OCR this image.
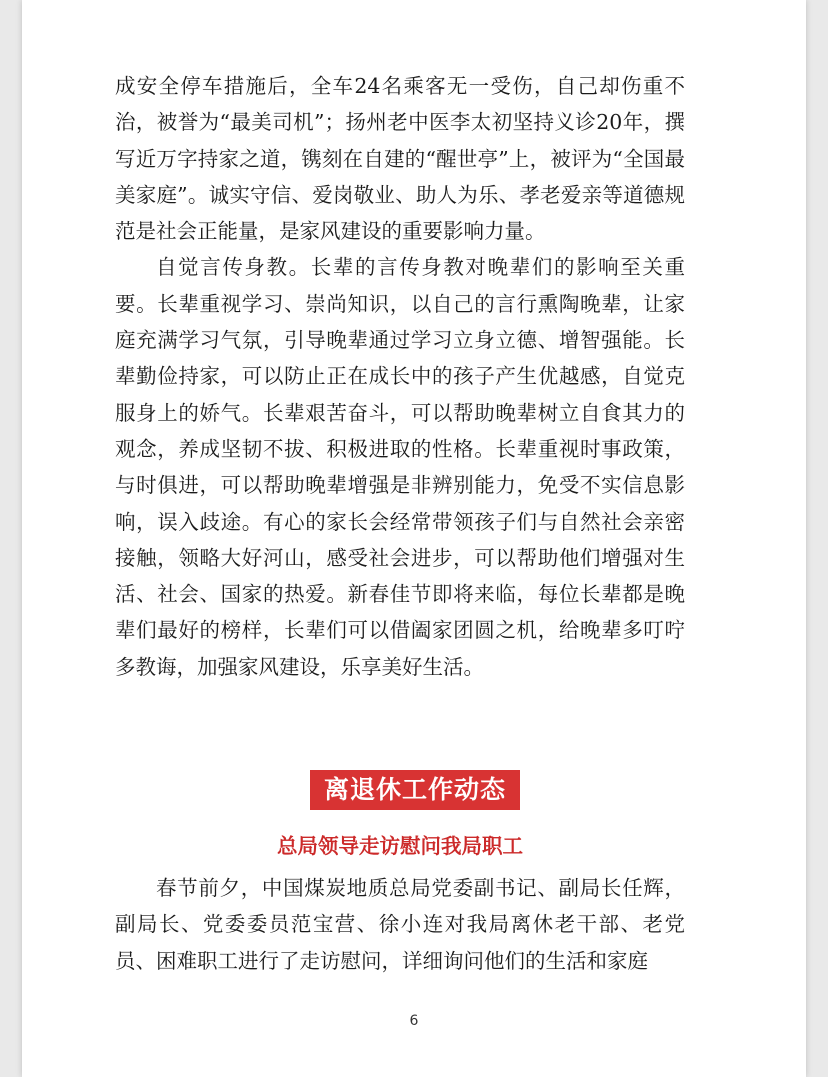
成安全停车措施后，全车24名乘客无一受伤，自己却伤重不治，被誉为“最美司机”；扬州老中医李太初坚持义诊20年，撰写近万字持家之道，镌刻在自建的“醒世亭”上，被评为“全国最美家庭”。诚实守信、爱岗敬业、助人为乐、孝老爱亲等道德规范是社会正能量，是家风建设的重要影响力量。

自觉言传身教。长辈的言传身教对晚辈们的影响至关重要。长辈重视学习、崇尚知识，以自己的言行熏陶晚辈，让家庭充满学习气氛，引导晚辈通过学习立身立德、增智强能。长辈勤俭持家，可以防止正在成长中的孩子产生优越感，自觉克服身上的娇气。长辈艰苦奋斗，可以帮助晚辈树立自食其力的观念，养成坚韧不拔、积极进取的性格。长辈重视时事政策，与时俱进，可以帮助晚辈增强是非辨别能力，免受不实信息影响，误入歧途。有心的家长会经常带领孩子们与自然社会亲密接触，领略大好河山，感受社会进步，可以帮助他们增强对生活、社会、国家的热爱。新春佳节即将来临，每位长辈都是晚辈们最好的榜样，长辈们可以借阖家团圆之机，给晚辈多叮咛多教诲，加强家风建设，乐享美好生活。

离退休工作动态
总局领导走访慰问我局职工

春节前夕，中国煤炭地质总局党委副书记、副局长任辉，副局长、党委委员范宝营、徐小连对我局离休老干部、老党员、困难职工进行了走访慰问，详细询问他们的生活和家庭

6
